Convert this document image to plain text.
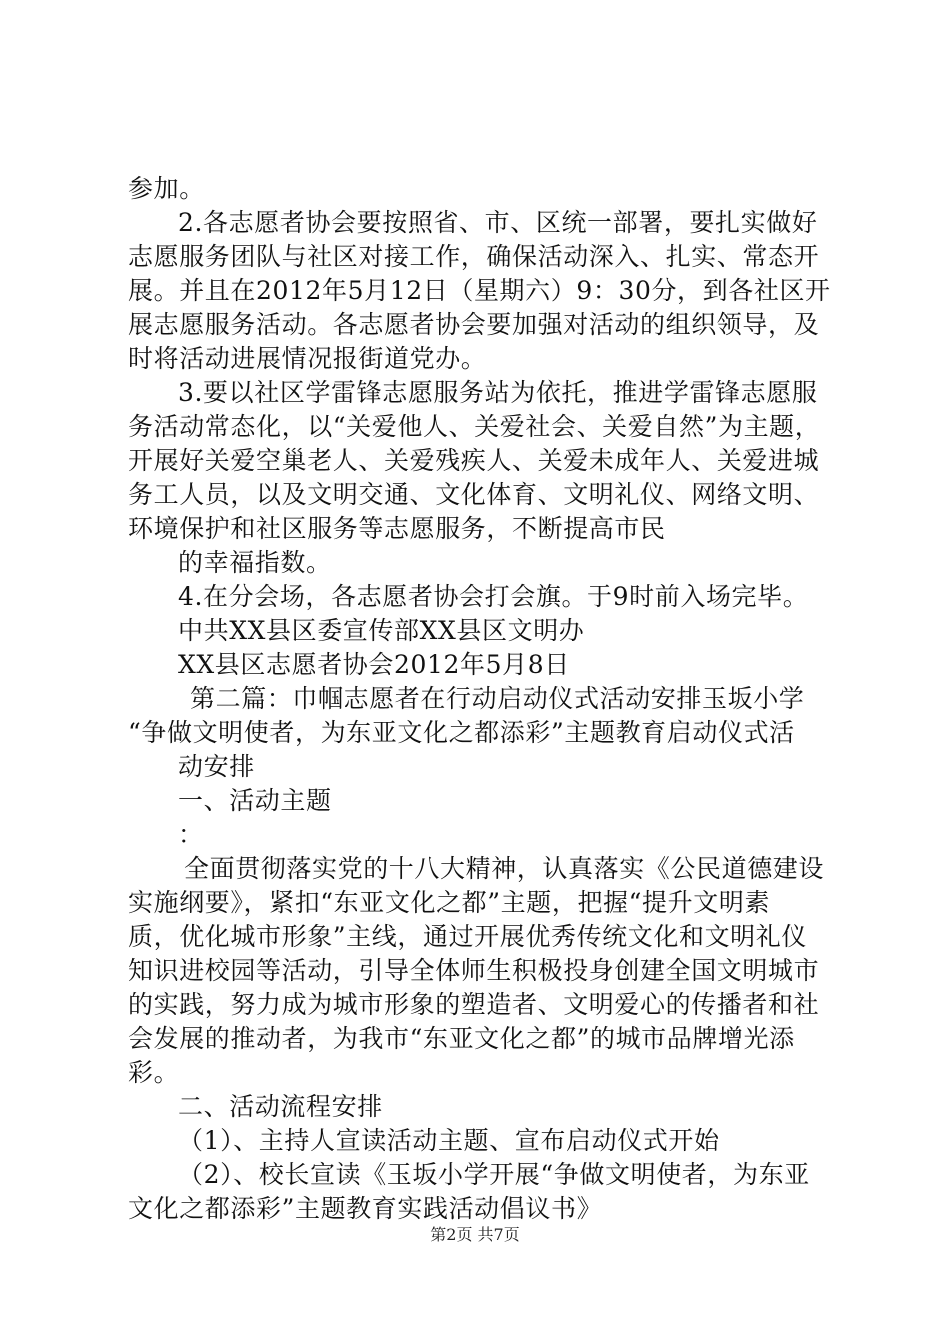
参加。
2.各志愿者协会要按照省、市、区统一部署，要扎实做好
志愿服务团队与社区对接工作，确保活动深入、扎实、常态开
展。并且在2012年5月12日（星期六）9：30分，到各社区开
展志愿服务活动。各志愿者协会要加强对活动的组织领导，及
时将活动进展情况报街道党办。
3.要以社区学雷锋志愿服务站为依托，推进学雷锋志愿服
务活动常态化，以“关爱他人、关爱社会、关爱自然”为主题，
开展好关爱空巢老人、关爱残疾人、关爱未成年人、关爱进城
务工人员，以及文明交通、文化体育、文明礼仪、网络文明、
环境保护和社区服务等志愿服务，不断提高市民
的幸福指数。
4.在分会场，各志愿者协会打会旗。于9时前入场完毕。
中共XX县区委宣传部XX县区文明办
XX县区志愿者协会2012年5月8日
第二篇：巾帼志愿者在行动启动仪式活动安排玉坂小学
“争做文明使者，为东亚文化之都添彩”主题教育启动仪式活
动安排
一、活动主题
：
全面贯彻落实党的十八大精神，认真落实《公民道德建设
实施纲要》，紧扣“东亚文化之都”主题，把握“提升文明素
质，优化城市形象”主线，通过开展优秀传统文化和文明礼仪
知识进校园等活动，引导全体师生积极投身创建全国文明城市
的实践，努力成为城市形象的塑造者、文明爱心的传播者和社
会发展的推动者，为我市“东亚文化之都”的城市品牌增光添
彩。
二、活动流程安排
（1）、主持人宣读活动主题、宣布启动仪式开始
（2）、校长宣读《玉坂小学开展“争做文明使者，为东亚
文化之都添彩”主题教育实践活动倡议书》
第2页 共7页
